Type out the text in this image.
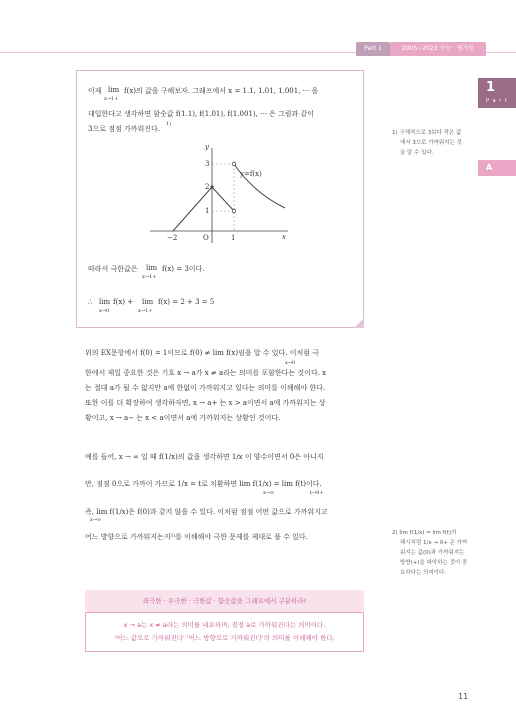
Part 1	2005~2023 수능 · 평가원
1
P a r t
A
이제 lim
x→1+
f(x)의 값을 구해보자. 그래프에서 x = 1.1, 1.01, 1.001, ··· 을
대입한다고 생각하면 함숫값 f(1.1), f(1.01), f(1.001), ··· 은 그림과 같이
3으로 점점 가까워진다.
1)
y
x
O
y=f(x)
3
2
1
−2	1
따라서 극한값은 lim
x→1+
f(x) = 3이다.
∴ lim
x→0
f(x) + lim
x→1+
f(x) = 2 + 3 = 5
1) 구체적으로 3보다 작은 값
에서 3으로 가까워지는 것
을 알 수 있다.
위의 EX문항에서 f(0) = 1이므로 f(0) ≠ lim f(x)임을 알 수 있다. 이처럼 극
x→0
한에서 제일 중요한 것은 기호 x → a가 x ≠ a라는 의미를 포함한다는 것이다. x
는 절대 a가 될 수 없지만 a에 한없이 가까워지고 있다는 의미를 이해해야 한다.
또한 이를 더 확장하여 생각하자면, x → a+ 는 x > a이면서 a에 가까워지는 상
황이고, x → a− 는 x < a이면서 a에 가까워지는 상황인 것이다.
예를 들어, x → ∞ 일 때 f(1/x)의 값을 생각하면 1/x 이 양수이면서 0은 아니지
만, 점점 0으로 가까이 가므로 1/x = t로 치환하면 lim f(1/x) = lim f(t)이다.
x→∞	t→0+
즉, lim f(1/x)은 f(0)과 같지 않을 수 있다. 이처럼 점점 어떤 값으로 가까워지고
x→∞
어느 방향으로 가까워지는지²⁾를 이해해야 극한 문제를 제대로 풀 수 있다.	2) lim f(1/x) = lim f(t)의
해시처럼 1/x → 0+ 은 가까
워지는 값(0)과 가까워지는
방향(+)을 파악하는 것이 중
요하다는 의미이다.
좌극한 · 우극한 · 극한값 · 함숫값을 그래프에서 구분하라!
x → a는 x ≠ a라는 의미를 내포하며, 점점 a로 가까워진다는 의미이다.
'어느 값으로 가까워진다' '어느 방향으로 가까워진다'의 의미를 이해해야 한다.
11
